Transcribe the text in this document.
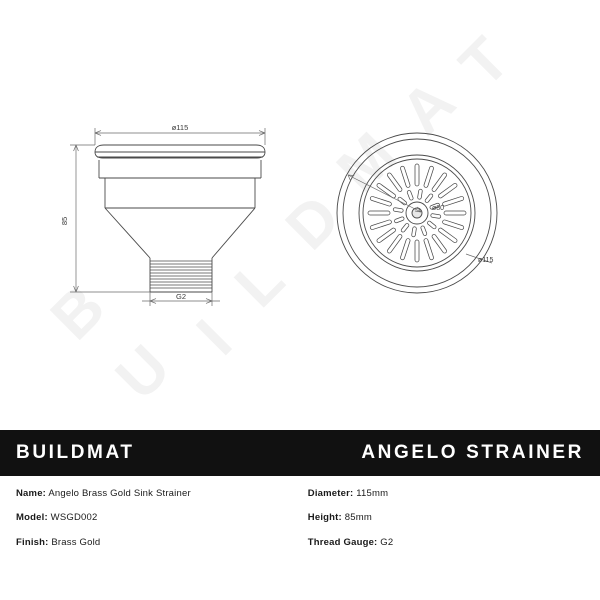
B
U
I
L
D
M
A
T
ø115
85
G2
ø80
ø115
BUILDMAT	ANGELO STRAINER
Name: Angelo Brass Gold Sink Strainer
Model: WSGD002
Finish: Brass Gold
Diameter: 115mm
Height: 85mm
Thread Gauge: G2
